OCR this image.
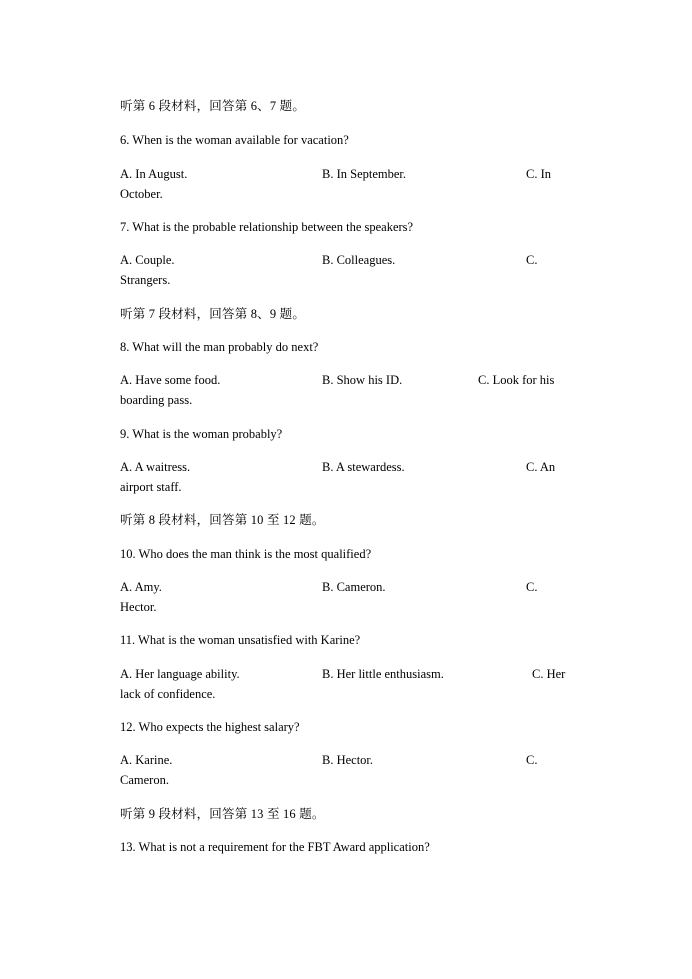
听第 6 段材料，回答第 6、7 题。
6. When is the woman available for vacation?
A. In August.	B. In September.	C. In
October.
7. What is the probable relationship between the speakers?
A. Couple.	B. Colleagues.	C.
Strangers.
听第 7 段材料，回答第 8、9 题。
8. What will the man probably do next?
A. Have some food.	B. Show his ID.	C. Look for his
boarding pass.
9. What is the woman probably?
A. A waitress.	B. A stewardess.	C. An
airport staff.
听第 8 段材料，回答第 10 至 12 题。
10. Who does the man think is the most qualified?
A. Amy.	B. Cameron.	C.
Hector.
11. What is the woman unsatisfied with Karine?
A. Her language ability.	B. Her little enthusiasm.	C. Her
lack of confidence.
12. Who expects the highest salary?
A. Karine.	B. Hector.	C.
Cameron.
听第 9 段材料，回答第 13 至 16 题。
13. What is not a requirement for the FBT Award application?
